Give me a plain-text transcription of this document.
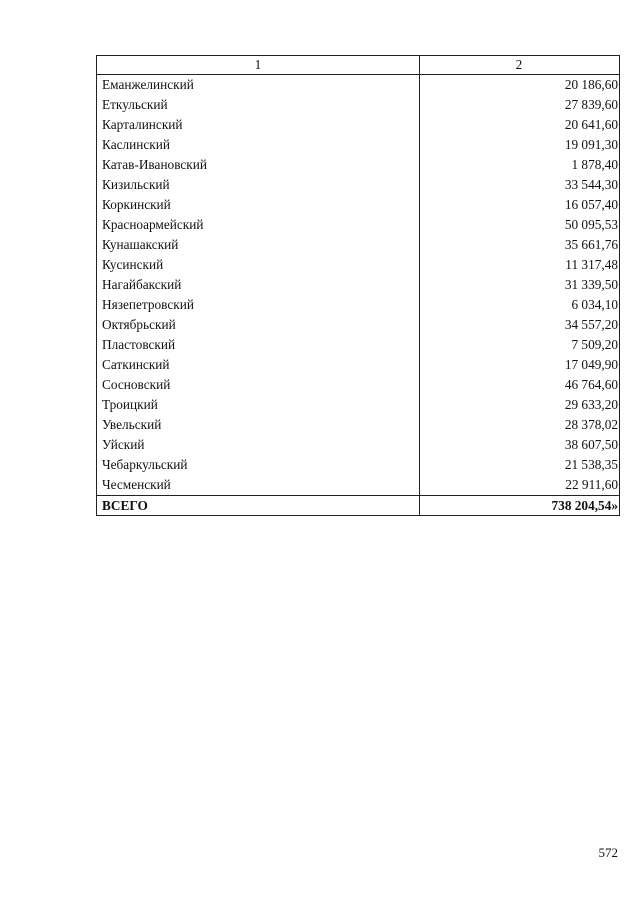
1	2
Еманжелинский	20 186,60
Еткульский	27 839,60
Карталинский	20 641,60
Каслинский	19 091,30
Катав-Ивановский	1 878,40
Кизильский	33 544,30
Коркинский	16 057,40
Красноармейский	50 095,53
Кунашакский	35 661,76
Кусинский	11 317,48
Нагайбакский	31 339,50
Нязепетровский	6 034,10
Октябрьский	34 557,20
Пластовский	7 509,20
Саткинский	17 049,90
Сосновский	46 764,60
Троицкий	29 633,20
Увельский	28 378,02
Уйский	38 607,50
Чебаркульский	21 538,35
Чесменский	22 911,60
ВСЕГО	738 204,54»
572
